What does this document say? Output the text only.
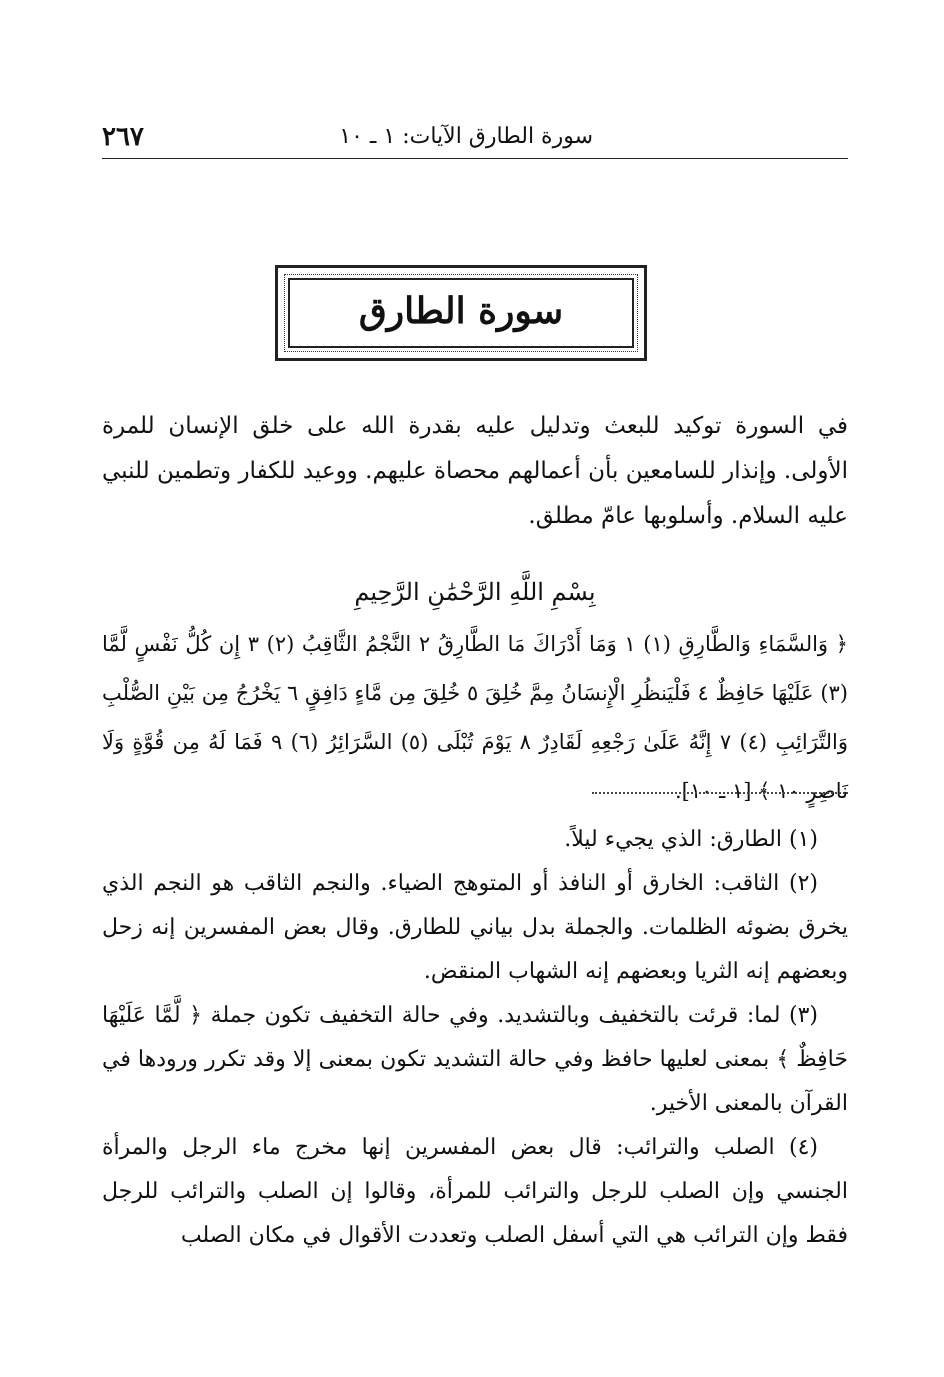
٢٦٧	سورة الطارق الآيات: ١ ـ ١٠
سورة الطارق
في السورة توكيد للبعث وتدليل عليه بقدرة الله على خلق الإنسان للمرة الأولى. وإنذار للسامعين بأن أعمالهم محصاة عليهم. ووعيد للكفار وتطمين للنبي عليه السلام. وأسلوبها عامّ مطلق.
بِسْمِ اللَّهِ الرَّحْمَٰنِ الرَّحِيمِ
﴿ وَالسَّمَاءِ وَالطَّارِقِ (١) ١ وَمَا أَدْرَاكَ مَا الطَّارِقُ ٢ النَّجْمُ الثَّاقِبُ (٢) ٣ إِن كُلُّ نَفْسٍ لَّمَّا (٣) عَلَيْهَا حَافِظٌ ٤ فَلْيَنظُرِ الْإِنسَانُ مِمَّ خُلِقَ ٥ خُلِقَ مِن مَّاءٍ دَافِقٍ ٦ يَخْرُجُ مِن بَيْنِ الصُّلْبِ وَالتَّرَائِبِ (٤) ٧ إِنَّهُ عَلَىٰ رَجْعِهِ لَقَادِرٌ ٨ يَوْمَ تُبْلَى (٥) السَّرَائِرُ (٦) ٩ فَمَا لَهُ مِن قُوَّةٍ وَلَا نَاصِرٍ ١٠ ﴾ [١ ـ ١٠].

(١) الطارق: الذي يجيء ليلاً.

(٢) الثاقب: الخارق أو النافذ أو المتوهج الضياء. والنجم الثاقب هو النجم الذي يخرق بضوئه الظلمات. والجملة بدل بياني للطارق. وقال بعض المفسرين إنه زحل وبعضهم إنه الثريا وبعضهم إنه الشهاب المنقض.

(٣) لما: قرئت بالتخفيف وبالتشديد. وفي حالة التخفيف تكون جملة ﴿ لَّمَّا عَلَيْهَا حَافِظٌ ﴾ بمعنى لعليها حافظ وفي حالة التشديد تكون بمعنى إلا وقد تكرر ورودها في القرآن بالمعنى الأخير.

(٤) الصلب والترائب: قال بعض المفسرين إنها مخرج ماء الرجل والمرأة الجنسي وإن الصلب للرجل والترائب للمرأة، وقالوا إن الصلب والترائب للرجل فقط وإن الترائب هي التي أسفل الصلب وتعددت الأقوال في مكان الصلب
